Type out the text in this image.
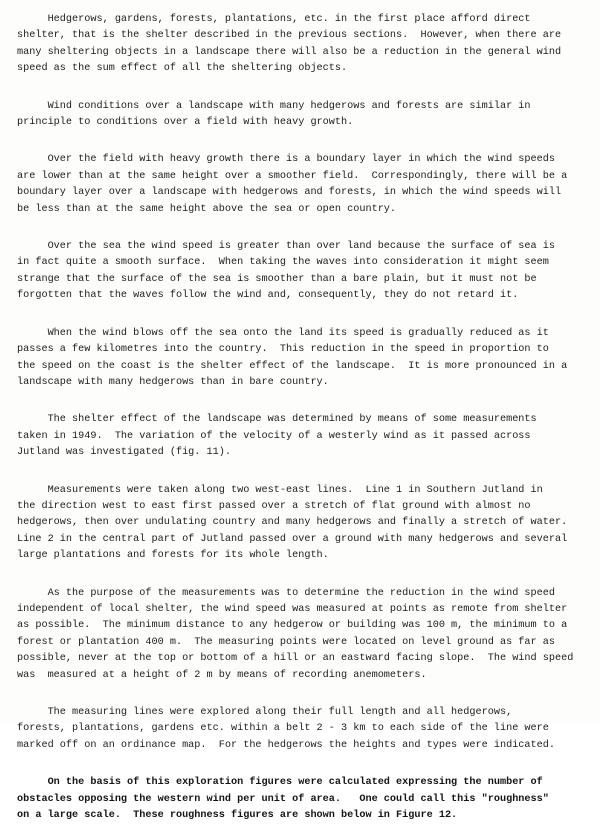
Hedgerows, gardens, forests, plantations, etc. in the first place afford direct
shelter, that is the shelter described in the previous sections.  However, when there are
many sheltering objects in a landscape there will also be a reduction in the general wind
speed as the sum effect of all the sheltering objects.
Wind conditions over a landscape with many hedgerows and forests are similar in
principle to conditions over a field with heavy growth.
Over the field with heavy growth there is a boundary layer in which the wind speeds
are lower than at the same height over a smoother field.  Correspondingly, there will be a
boundary layer over a landscape with hedgerows and forests, in which the wind speeds will
be less than at the same height above the sea or open country.
Over the sea the wind speed is greater than over land because the surface of sea is
in fact quite a smooth surface.  When taking the waves into consideration it might seem
strange that the surface of the sea is smoother than a bare plain, but it must not be
forgotten that the waves follow the wind and, consequently, they do not retard it.
When the wind blows off the sea onto the land its speed is gradually reduced as it
passes a few kilometres into the country.  This reduction in the speed in proportion to
the speed on the coast is the shelter effect of the landscape.  It is more pronounced in a
landscape with many hedgerows than in bare country.
The shelter effect of the landscape was determined by means of some measurements
taken in 1949.  The variation of the velocity of a westerly wind as it passed across
Jutland was investigated (fig. 11).
Measurements were taken along two west-east lines.  Line 1 in Southern Jutland in
the direction west to east first passed over a stretch of flat ground with almost no
hedgerows, then over undulating country and many hedgerows and finally a stretch of water.
Line 2 in the central part of Jutland passed over a ground with many hedgerows and several
large plantations and forests for its whole length.
As the purpose of the measurements was to determine the reduction in the wind speed
independent of local shelter, the wind speed was measured at points as remote from shelter
as possible.  The minimum distance to any hedgerow or building was 100 m, the minimum to a
forest or plantation 400 m.  The measuring points were located on level ground as far as
possible, never at the top or bottom of a hill or an eastward facing slope.  The wind speed
was  measured at a height of 2 m by means of recording anemometers.
The measuring lines were explored along their full length and all hedgerows,
forests, plantations, gardens etc. within a belt 2 - 3 km to each side of the line were
marked off on an ordinance map.  For the hedgerows the heights and types were indicated.
On the basis of this exploration figures were calculated expressing the number of
obstacles opposing the western wind per unit of area.   One could call this "roughness"
on a large scale.  These roughness figures are shown below in Figure 12.
